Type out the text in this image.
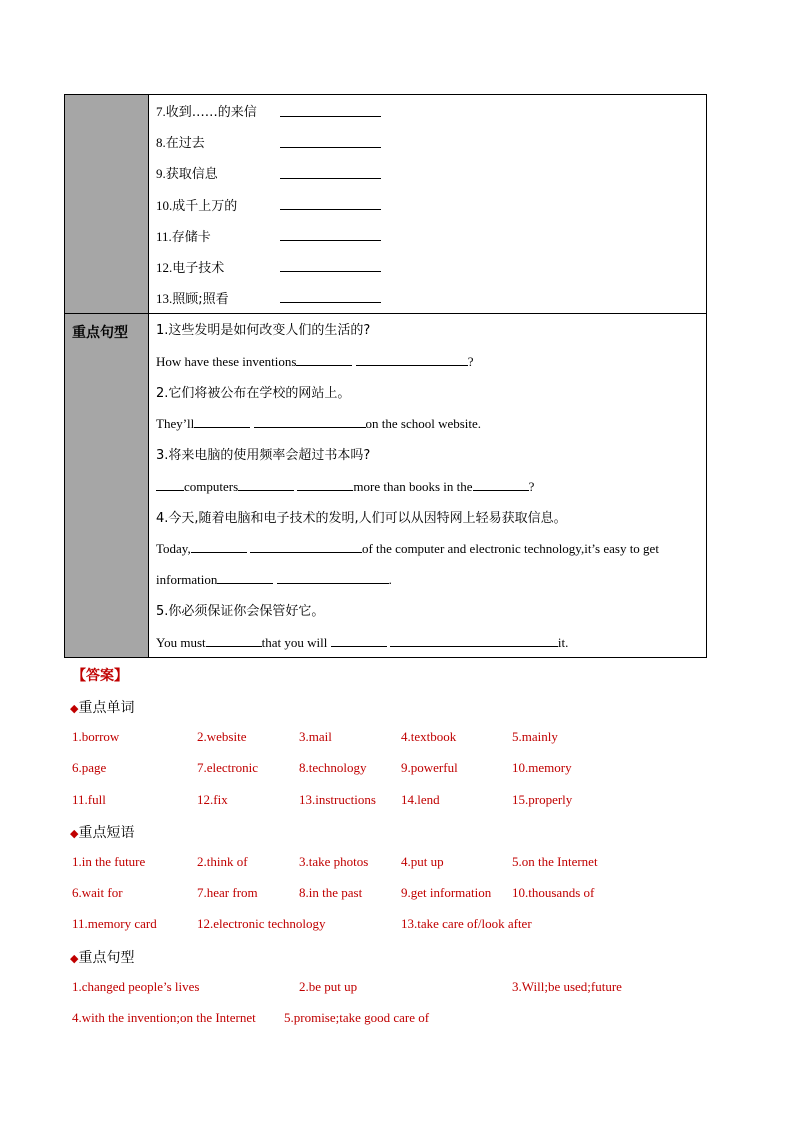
7.收到……的来信
8.在过去
9.获取信息
10.成千上万的
11.存储卡
12.电子技术
13.照顾;照看
重点句型 1.这些发明是如何改变人们的生活的?
How have these inventions	?
2.它们将被公布在学校的网站上。
They’ll	on the school website.
3.将来电脑的使用频率会超过书本吗?
computers	more than books in the	?
4.今天,随着电脑和电子技术的发明,人们可以从因特网上轻易获取信息。
Today,	of the computer and electronic technology,it’s easy to get
information	.
5.你必须保证你会保管好它。
You must	that you will	it.
【答案】
◆重点单词
1.borrow	2.website	3.mail	4.textbook	5.mainly
6.page	7.electronic	8.technology	9.powerful	10.memory
11.full	12.fix	13.instructions 14.lend	15.properly
◆重点短语
1.in the future	2.think of	3.take photos	4.put up	5.on the Internet
6.wait for	7.hear from	8.in the past	9.get information 10.thousands of
11.memory card	12.electronic technology	13.take care of/look after
◆重点句型
1.changed people’s lives	2.be put up	3.Will;be used;future
4.with the invention;on the Internet 5.promise;take good care of
